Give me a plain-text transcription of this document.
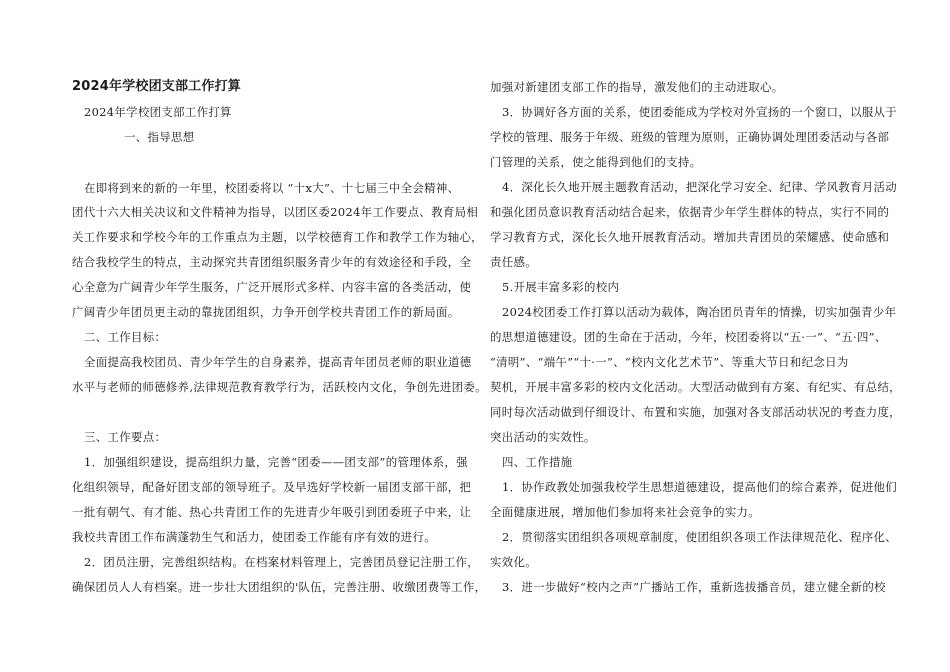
2024年学校团支部工作打算
2024年学校团支部工作打算
一、指导思想
在即将到来的新的一年里，校团委将以 “十x大”、十七届三中全会精神、
团代十六大相关决议和文件精神为指导，以团区委2024年工作要点、教育局相
关工作要求和学校今年的工作重点为主题，以学校德育工作和教学工作为轴心，
结合我校学生的特点，主动探究共青团组织服务青少年的有效途径和手段，全
心全意为广阔青少年学生服务，广泛开展形式多样、内容丰富的各类活动，使
广阔青少年团员更主动的靠拢团组织，力争开创学校共青团工作的新局面。
二、工作目标：
全面提高我校团员、青少年学生的自身素养，提高青年团员老师的职业道德
水平与老师的师德修养,法律规范教育教学行为，活跃校内文化，争创先进团委。
三、工作要点：
1．加强组织建设，提高组织力量，完善“团委——团支部”的管理体系，强
化组织领导，配备好团支部的领导班子。及早选好学校新一届团支部干部，把
一批有朝气、有才能、热心共青团工作的先进青少年吸引到团委班子中来，让
我校共青团工作布满蓬勃生气和活力，使团委工作能有序有效的进行。
2．团员注册，完善组织结构。在档案材料管理上，完善团员登记注册工作，
确保团员人人有档案。进一步壮大团组织的'队伍，完善注册、收缴团费等工作，
加强对新建团支部工作的指导，激发他们的主动进取心。
3．协调好各方面的关系，使团委能成为学校对外宣扬的一个窗口，以服从于
学校的管理、服务于年级、班级的管理为原则，正确协调处理团委活动与各部
门管理的关系，使之能得到他们的支持。
4．深化长久地开展主题教育活动，把深化学习安全、纪律、学风教育月活动
和强化团员意识教育活动结合起来，依据青少年学生群体的特点，实行不同的
学习教育方式，深化长久地开展教育活动。增加共青团员的荣耀感、使命感和
责任感。
5.开展丰富多彩的校内
2024校团委工作打算以活动为载体，陶冶团员青年的情操，切实加强青少年
的思想道德建设。团的生命在于活动，今年，校团委将以“五·一”、“五·四”、
“清明”、“端午”“十·一”、“校内文化艺术节”、等重大节日和纪念日为
契机，开展丰富多彩的校内文化活动。大型活动做到有方案、有纪实、有总结，
同时每次活动做到仔细设计、布置和实施，加强对各支部活动状况的考查力度，
突出活动的实效性。
四、工作措施
1．协作政教处加强我校学生思想道德建设，提高他们的综合素养，促进他们
全面健康进展，增加他们参加将来社会竞争的实力。
2．贯彻落实团组织各项规章制度，使团组织各项工作法律规范化、程序化、
实效化。
3．进一步做好“校内之声”广播站工作，重新选拔播音员，建立健全新的校
